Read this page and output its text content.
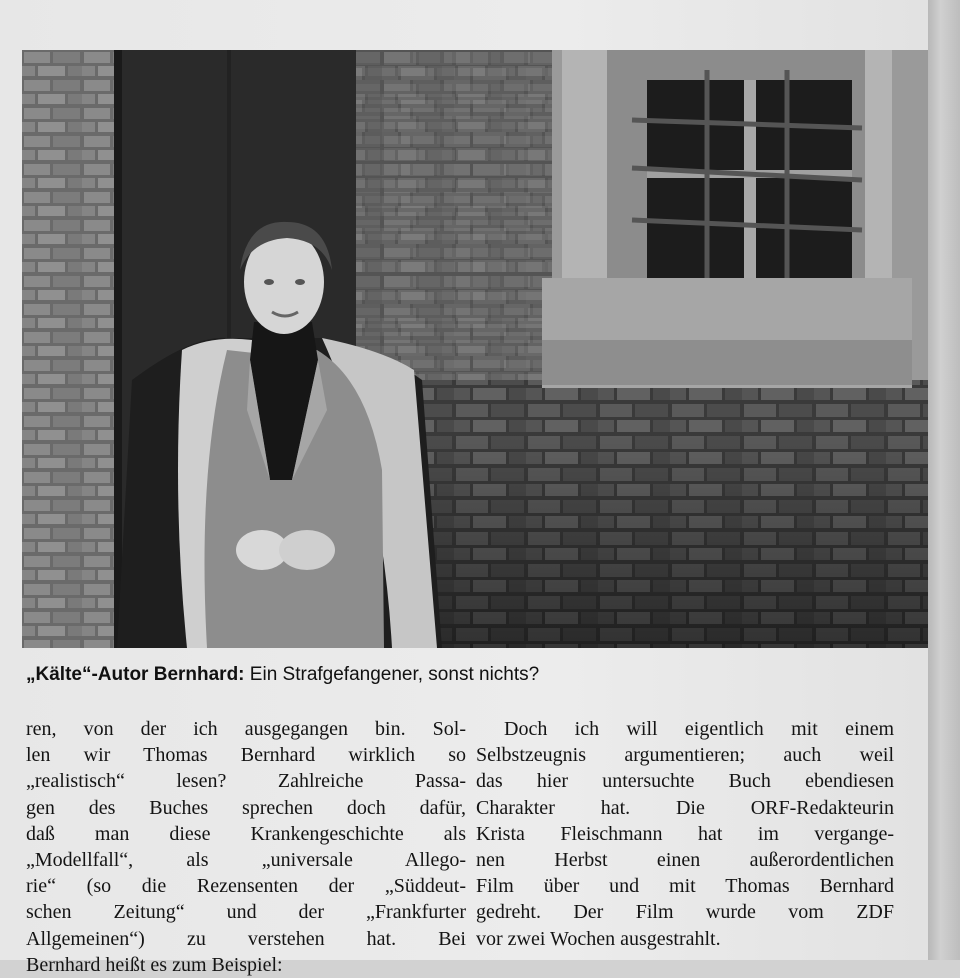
„Kälte“-Autor Bernhard: Ein Strafgefangener, sonst nichts?
ren, von der ich ausgegangen bin. Sol-
len wir Thomas Bernhard wirklich so
„realistisch“ lesen? Zahlreiche Passa-
gen des Buches sprechen doch dafür,
daß man diese Krankengeschichte als
„Modellfall“, als „universale Allego-
rie“ (so die Rezensenten der „Süddeut-
schen Zeitung“ und der „Frankfurter
Allgemeinen“) zu verstehen hat. Bei
Bernhard heißt es zum Beispiel:
Doch ich will eigentlich mit einem
Selbstzeugnis argumentieren; auch weil
das hier untersuchte Buch ebendiesen
Charakter hat. Die ORF-Redakteurin
Krista Fleischmann hat im vergange-
nen Herbst einen außerordentlichen
Film über und mit Thomas Bernhard
gedreht. Der Film wurde vom ZDF
vor zwei Wochen ausgestrahlt.
